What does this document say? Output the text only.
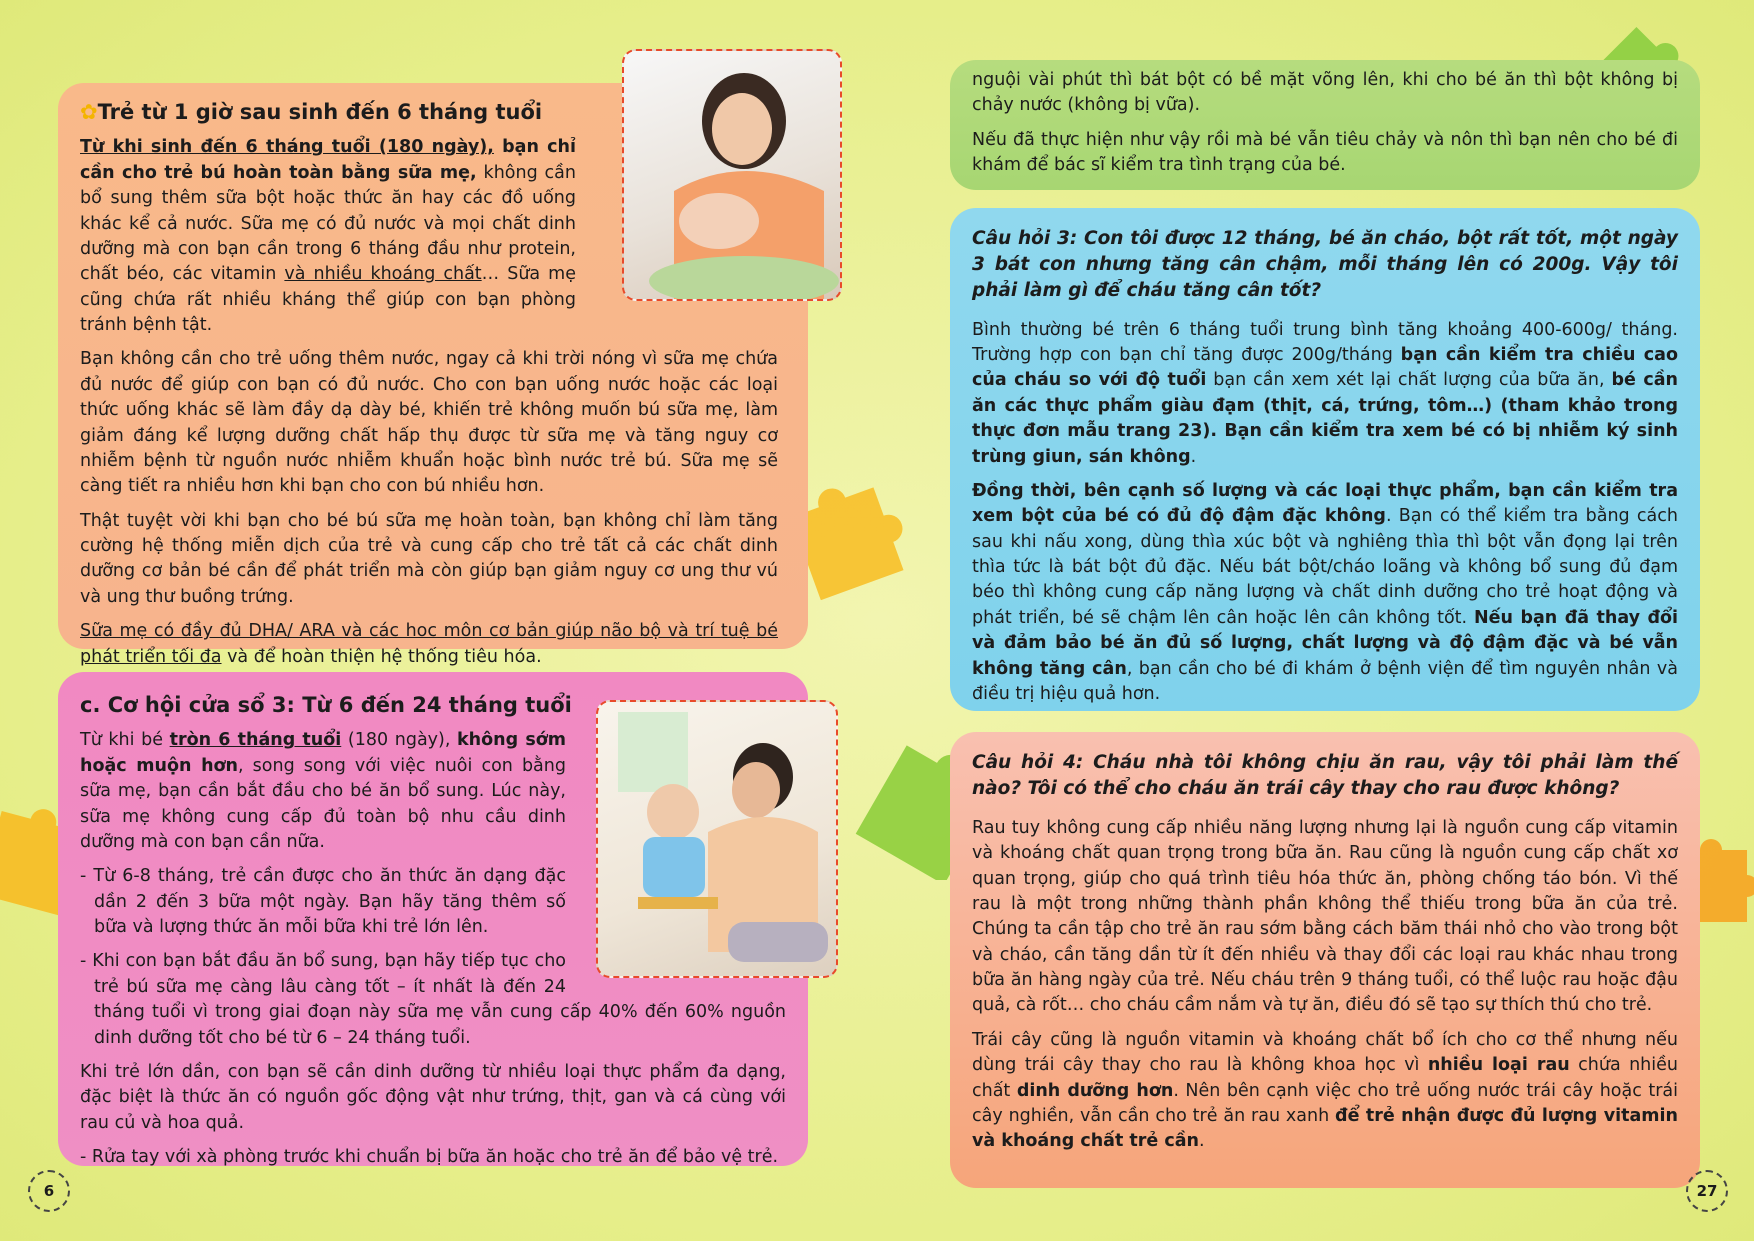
✿Trẻ từ 1 giờ sau sinh đến 6 tháng tuổi

Từ khi sinh đến 6 tháng tuổi (180 ngày), bạn chỉ cần cho trẻ bú hoàn toàn bằng sữa mẹ, không cần bổ sung thêm sữa bột hoặc thức ăn hay các đồ uống khác kể cả nước. Sữa mẹ có đủ nước và mọi chất dinh dưỡng mà con bạn cần trong 6 tháng đầu như protein, chất béo, các vitamin và nhiều khoáng chất… Sữa mẹ cũng chứa rất nhiều kháng thể giúp con bạn phòng tránh bệnh tật.

Bạn không cần cho trẻ uống thêm nước, ngay cả khi trời nóng vì sữa mẹ chứa đủ nước để giúp con bạn có đủ nước. Cho con bạn uống nước hoặc các loại thức uống khác sẽ làm đầy dạ dày bé, khiến trẻ không muốn bú sữa mẹ, làm giảm đáng kể lượng dưỡng chất hấp thụ được từ sữa mẹ và tăng nguy cơ nhiễm bệnh từ nguồn nước nhiễm khuẩn hoặc bình nước trẻ bú. Sữa mẹ sẽ càng tiết ra nhiều hơn khi bạn cho con bú nhiều hơn.

Thật tuyệt vời khi bạn cho bé bú sữa mẹ hoàn toàn, bạn không chỉ làm tăng cường hệ thống miễn dịch của trẻ và cung cấp cho trẻ tất cả các chất dinh dưỡng cơ bản bé cần để phát triển mà còn giúp bạn giảm nguy cơ ung thư vú và ung thư buồng trứng.

Sữa mẹ có đầy đủ DHA/ ARA và các hoc môn cơ bản giúp não bộ và trí tuệ bé phát triển tối đa và để hoàn thiện hệ thống tiêu hóa.

c. Cơ hội cửa sổ 3: Từ 6 đến 24 tháng tuổi

Từ khi bé tròn 6 tháng tuổi (180 ngày), không sớm hoặc muộn hơn, song song với việc nuôi con bằng sữa mẹ, bạn cần bắt đầu cho bé ăn bổ sung. Lúc này, sữa mẹ không cung cấp đủ toàn bộ nhu cầu dinh dưỡng mà con bạn cần nữa.

- Từ 6-8 tháng, trẻ cần được cho ăn thức ăn dạng đặc dần 2 đến 3 bữa một ngày. Bạn hãy tăng thêm số bữa và lượng thức ăn mỗi bữa khi trẻ lớn lên.

- Khi con bạn bắt đầu ăn bổ sung, bạn hãy tiếp tục cho trẻ bú sữa mẹ càng lâu càng tốt – ít nhất là đến 24 tháng tuổi vì trong giai đoạn này sữa mẹ vẫn cung cấp 40% đến 60% nguồn dinh dưỡng tốt cho bé từ 6 – 24 tháng tuổi.

Khi trẻ lớn dần, con bạn sẽ cần dinh dưỡng từ nhiều loại thực phẩm đa dạng, đặc biệt là thức ăn có nguồn gốc động vật như trứng, thịt, gan và cá cùng với rau củ và hoa quả.

- Rửa tay với xà phòng trước khi chuẩn bị bữa ăn hoặc cho trẻ ăn để bảo vệ trẻ.

6

nguội vài phút thì bát bột có bề mặt võng lên, khi cho bé ăn thì bột không bị chảy nước (không bị vữa).

Nếu đã thực hiện như vậy rồi mà bé vẫn tiêu chảy và nôn thì bạn nên cho bé đi khám để bác sĩ kiểm tra tình trạng của bé.

Câu hỏi 3: Con tôi được 12 tháng, bé ăn cháo, bột rất tốt, một ngày 3 bát con nhưng tăng cân chậm, mỗi tháng lên có 200g. Vậy tôi phải làm gì để cháu tăng cân tốt?

Bình thường bé trên 6 tháng tuổi trung bình tăng khoảng 400-600g/ tháng. Trường hợp con bạn chỉ tăng được 200g/tháng bạn cần kiểm tra chiều cao của cháu so với độ tuổi bạn cần xem xét lại chất lượng của bữa ăn, bé cần ăn các thực phẩm giàu đạm (thịt, cá, trứng, tôm…) (tham khảo trong thực đơn mẫu trang 23). Bạn cần kiểm tra xem bé có bị nhiễm ký sinh trùng giun, sán không.

Đồng thời, bên cạnh số lượng và các loại thực phẩm, bạn cần kiểm tra xem bột của bé có đủ độ đậm đặc không. Bạn có thể kiểm tra bằng cách sau khi nấu xong, dùng thìa xúc bột và nghiêng thìa thì bột vẫn đọng lại trên thìa tức là bát bột đủ đặc. Nếu bát bột/cháo loãng và không bổ sung đủ đạm béo thì không cung cấp năng lượng và chất dinh dưỡng cho trẻ hoạt động và phát triển, bé sẽ chậm lên cân hoặc lên cân không tốt. Nếu bạn đã thay đổi và đảm bảo bé ăn đủ số lượng, chất lượng và độ đậm đặc và bé vẫn không tăng cân, bạn cần cho bé đi khám ở bệnh viện để tìm nguyên nhân và điều trị hiệu quả hơn.

Câu hỏi 4: Cháu nhà tôi không chịu ăn rau, vậy tôi phải làm thế nào? Tôi có thể cho cháu ăn trái cây thay cho rau được không?

Rau tuy không cung cấp nhiều năng lượng nhưng lại là nguồn cung cấp vitamin và khoáng chất quan trọng trong bữa ăn. Rau cũng là nguồn cung cấp chất xơ quan trọng, giúp cho quá trình tiêu hóa thức ăn, phòng chống táo bón. Vì thế rau là một trong những thành phần không thể thiếu trong bữa ăn của trẻ. Chúng ta cần tập cho trẻ ăn rau sớm bằng cách băm thái nhỏ cho vào trong bột và cháo, cần tăng dần từ ít đến nhiều và thay đổi các loại rau khác nhau trong bữa ăn hàng ngày của trẻ. Nếu cháu trên 9 tháng tuổi, có thể luộc rau hoặc đậu quả, cà rốt… cho cháu cầm nắm và tự ăn, điều đó sẽ tạo sự thích thú cho trẻ.

Trái cây cũng là nguồn vitamin và khoáng chất bổ ích cho cơ thể nhưng nếu dùng trái cây thay cho rau là không khoa học vì nhiều loại rau chứa nhiều chất dinh dưỡng hơn. Nên bên cạnh việc cho trẻ uống nước trái cây hoặc trái cây nghiền, vẫn cần cho trẻ ăn rau xanh để trẻ nhận được đủ lượng vitamin và khoáng chất trẻ cần.

27
